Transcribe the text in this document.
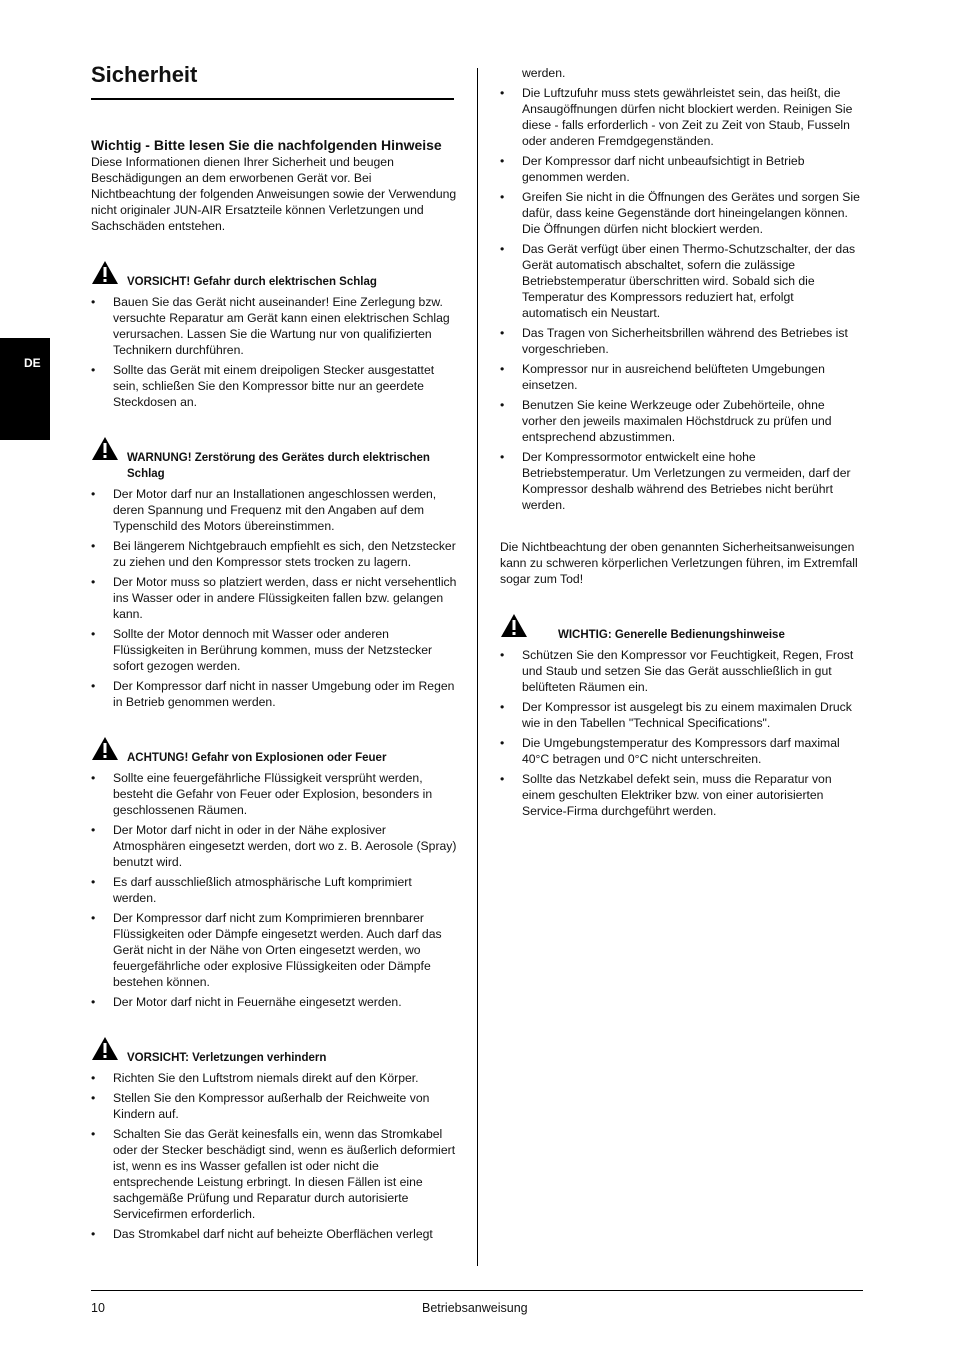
DE
Sicherheit
Wichtig - Bitte lesen Sie die nachfolgenden Hinweise

Diese Informationen dienen Ihrer Sicherheit und beugen Beschädigungen an dem erworbenen Gerät vor. Bei Nichtbeachtung der folgenden Anweisungen sowie der Verwendung nicht originaler JUN-AIR Ersatzteile können Verletzungen und Sachschäden entstehen.

VORSICHT! Gefahr durch elektrischen Schlag
• Bauen Sie das Gerät nicht auseinander! Eine Zerlegung bzw. versuchte Reparatur am Gerät kann einen elektrischen Schlag verursachen. Lassen Sie die Wartung nur von qualifizierten Technikern durchführen.
• Sollte das Gerät mit einem dreipoligen Stecker ausgestattet sein, schließen Sie den Kompressor bitte nur an geerdete Steckdosen an.
WARNUNG! Zerstörung des Gerätes durch elektrischen Schlag
• Der Motor darf nur an Installationen angeschlossen werden, deren Spannung und Frequenz mit den Angaben auf dem Typenschild des Motors übereinstimmen.
• Bei längerem Nichtgebrauch empfiehlt es sich, den Netzstecker zu ziehen und den Kompressor stets trocken zu lagern.
• Der Motor muss so platziert werden, dass er nicht versehentlich ins Wasser oder in andere Flüssigkeiten fallen bzw. gelangen kann.
• Sollte der Motor dennoch mit Wasser oder anderen Flüssigkeiten in Berührung kommen, muss der Netzstecker sofort gezogen werden.
• Der Kompressor darf nicht in nasser Umgebung oder im Regen in Betrieb genommen werden.
ACHTUNG! Gefahr von Explosionen oder Feuer
• Sollte eine feuergefährliche Flüssigkeit versprüht werden, besteht die Gefahr von Feuer oder Explosion, besonders in geschlossenen Räumen.
• Der Motor darf nicht in oder in der Nähe explosiver Atmosphären eingesetzt werden, dort wo z. B. Aerosole (Spray) benutzt wird.
• Es darf ausschließlich atmosphärische Luft komprimiert werden.
• Der Kompressor darf nicht zum Komprimieren brennbarer Flüssigkeiten oder Dämpfe eingesetzt werden. Auch darf das Gerät nicht in der Nähe von Orten eingesetzt werden, wo feuergefährliche oder explosive Flüssigkeiten oder Dämpfe bestehen können.
• Der Motor darf nicht in Feuernähe eingesetzt werden.
VORSICHT: Verletzungen verhindern
• Richten Sie den Luftstrom niemals direkt auf den Körper.
• Stellen Sie den Kompressor außerhalb der Reichweite von Kindern auf.
• Schalten Sie das Gerät keinesfalls ein, wenn das Stromkabel oder der Stecker beschädigt sind, wenn es äußerlich deformiert ist, wenn es ins Wasser gefallen ist oder nicht die entsprechende Leistung erbringt. In diesen Fällen ist eine sachgemäße Prüfung und Reparatur durch autorisierte Servicefirmen erforderlich.
• Das Stromkabel darf nicht auf beheizte Oberflächen verlegt
werden.
• Die Luftzufuhr muss stets gewährleistet sein, das heißt, die Ansaugöffnungen dürfen nicht blockiert werden. Reinigen Sie diese - falls erforderlich - von Zeit zu Zeit von Staub, Fusseln oder anderen Fremdgegenständen.
• Der Kompressor darf nicht unbeaufsichtigt in Betrieb genommen werden.
• Greifen Sie nicht in die Öffnungen des Gerätes und sorgen Sie dafür, dass keine Gegenstände dort hineingelangen können. Die Öffnungen dürfen nicht blockiert werden.
• Das Gerät verfügt über einen Thermo-Schutzschalter, der das Gerät automatisch abschaltet, sofern die zulässige Betriebstemperatur überschritten wird. Sobald sich die Temperatur des Kompressors reduziert hat, erfolgt automatisch ein Neustart.
• Das Tragen von Sicherheitsbrillen während des Betriebes ist vorgeschrieben.
• Kompressor nur in ausreichend belüfteten Umgebungen einsetzen.
• Benutzen Sie keine Werkzeuge oder Zubehörteile, ohne vorher den jeweils maximalen Höchstdruck zu prüfen und entsprechend abzustimmen.
• Der Kompressormotor entwickelt eine hohe Betriebstemperatur. Um Verletzungen zu vermeiden, darf der Kompressor deshalb während des Betriebes nicht berührt werden.

Die Nichtbeachtung der oben genannten Sicherheitsanweisungen kann zu schweren körperlichen Verletzungen führen, im Extremfall sogar zum Tod!

WICHTIG: Generelle Bedienungshinweise
• Schützen Sie den Kompressor vor Feuchtigkeit, Regen, Frost und Staub und setzen Sie das Gerät ausschließlich in gut belüfteten Räumen ein.
• Der Kompressor ist ausgelegt bis zu einem maximalen Druck wie in den Tabellen "Technical Specifications".
• Die Umgebungstemperatur des Kompressors darf maximal 40°C betragen und 0°C nicht unterschreiten.
• Sollte das Netzkabel defekt sein, muss die Reparatur von einem geschulten Elektriker bzw. von einer autorisierten Service-Firma durchgeführt werden.
10	Betriebsanweisung
